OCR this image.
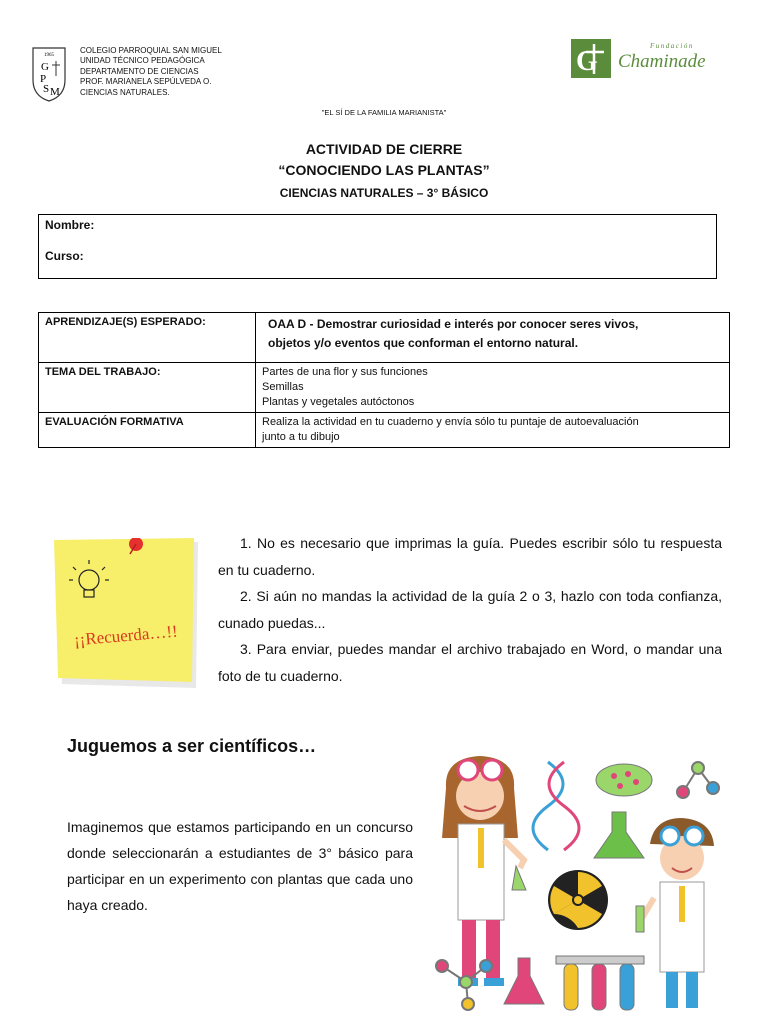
1965
G
P
S M
COLEGIO PARROQUIAL SAN MIGUEL
UNIDAD TÉCNICO PEDAGÓGICA
DEPARTAMENTO DE CIENCIAS
PROF. MARIANELA SEPÚLVEDA O.
CIENCIAS NATURALES.
G	Fundación
Chaminade
"EL SÍ DE LA FAMILIA MARIANISTA"
ACTIVIDAD DE CIERRE
“CONOCIENDO LAS PLANTAS”
CIENCIAS NATURALES – 3° BÁSICO
Nombre:
Curso:
APRENDIZAJE(S) ESPERADO:	OAA D - Demostrar curiosidad e interés por conocer seres vivos,
objetos y/o eventos que conforman el entorno natural.

TEMA DEL TRABAJO:	Partes de una flor y sus funciones
Semillas
Plantas y vegetales autóctonos

EVALUACIÓN FORMATIVA	Realiza la actividad en tu cuaderno y envía sólo tu puntaje de autoevaluación
junto a tu dibujo
¡¡Recuerda…!!

1. No es necesario que imprimas la guía. Puedes escribir sólo tu respuesta en tu cuaderno.

2. Si aún no mandas la actividad de la guía 2 o 3, hazlo con toda confianza, cunado puedas...

3. Para enviar, puedes mandar el archivo trabajado en Word, o mandar una foto de tu cuaderno.

Juguemos a ser científicos…
Imaginemos que estamos participando en un concurso donde seleccionarán a estudiantes de 3° básico para participar en un experimento con plantas que cada uno haya creado.
